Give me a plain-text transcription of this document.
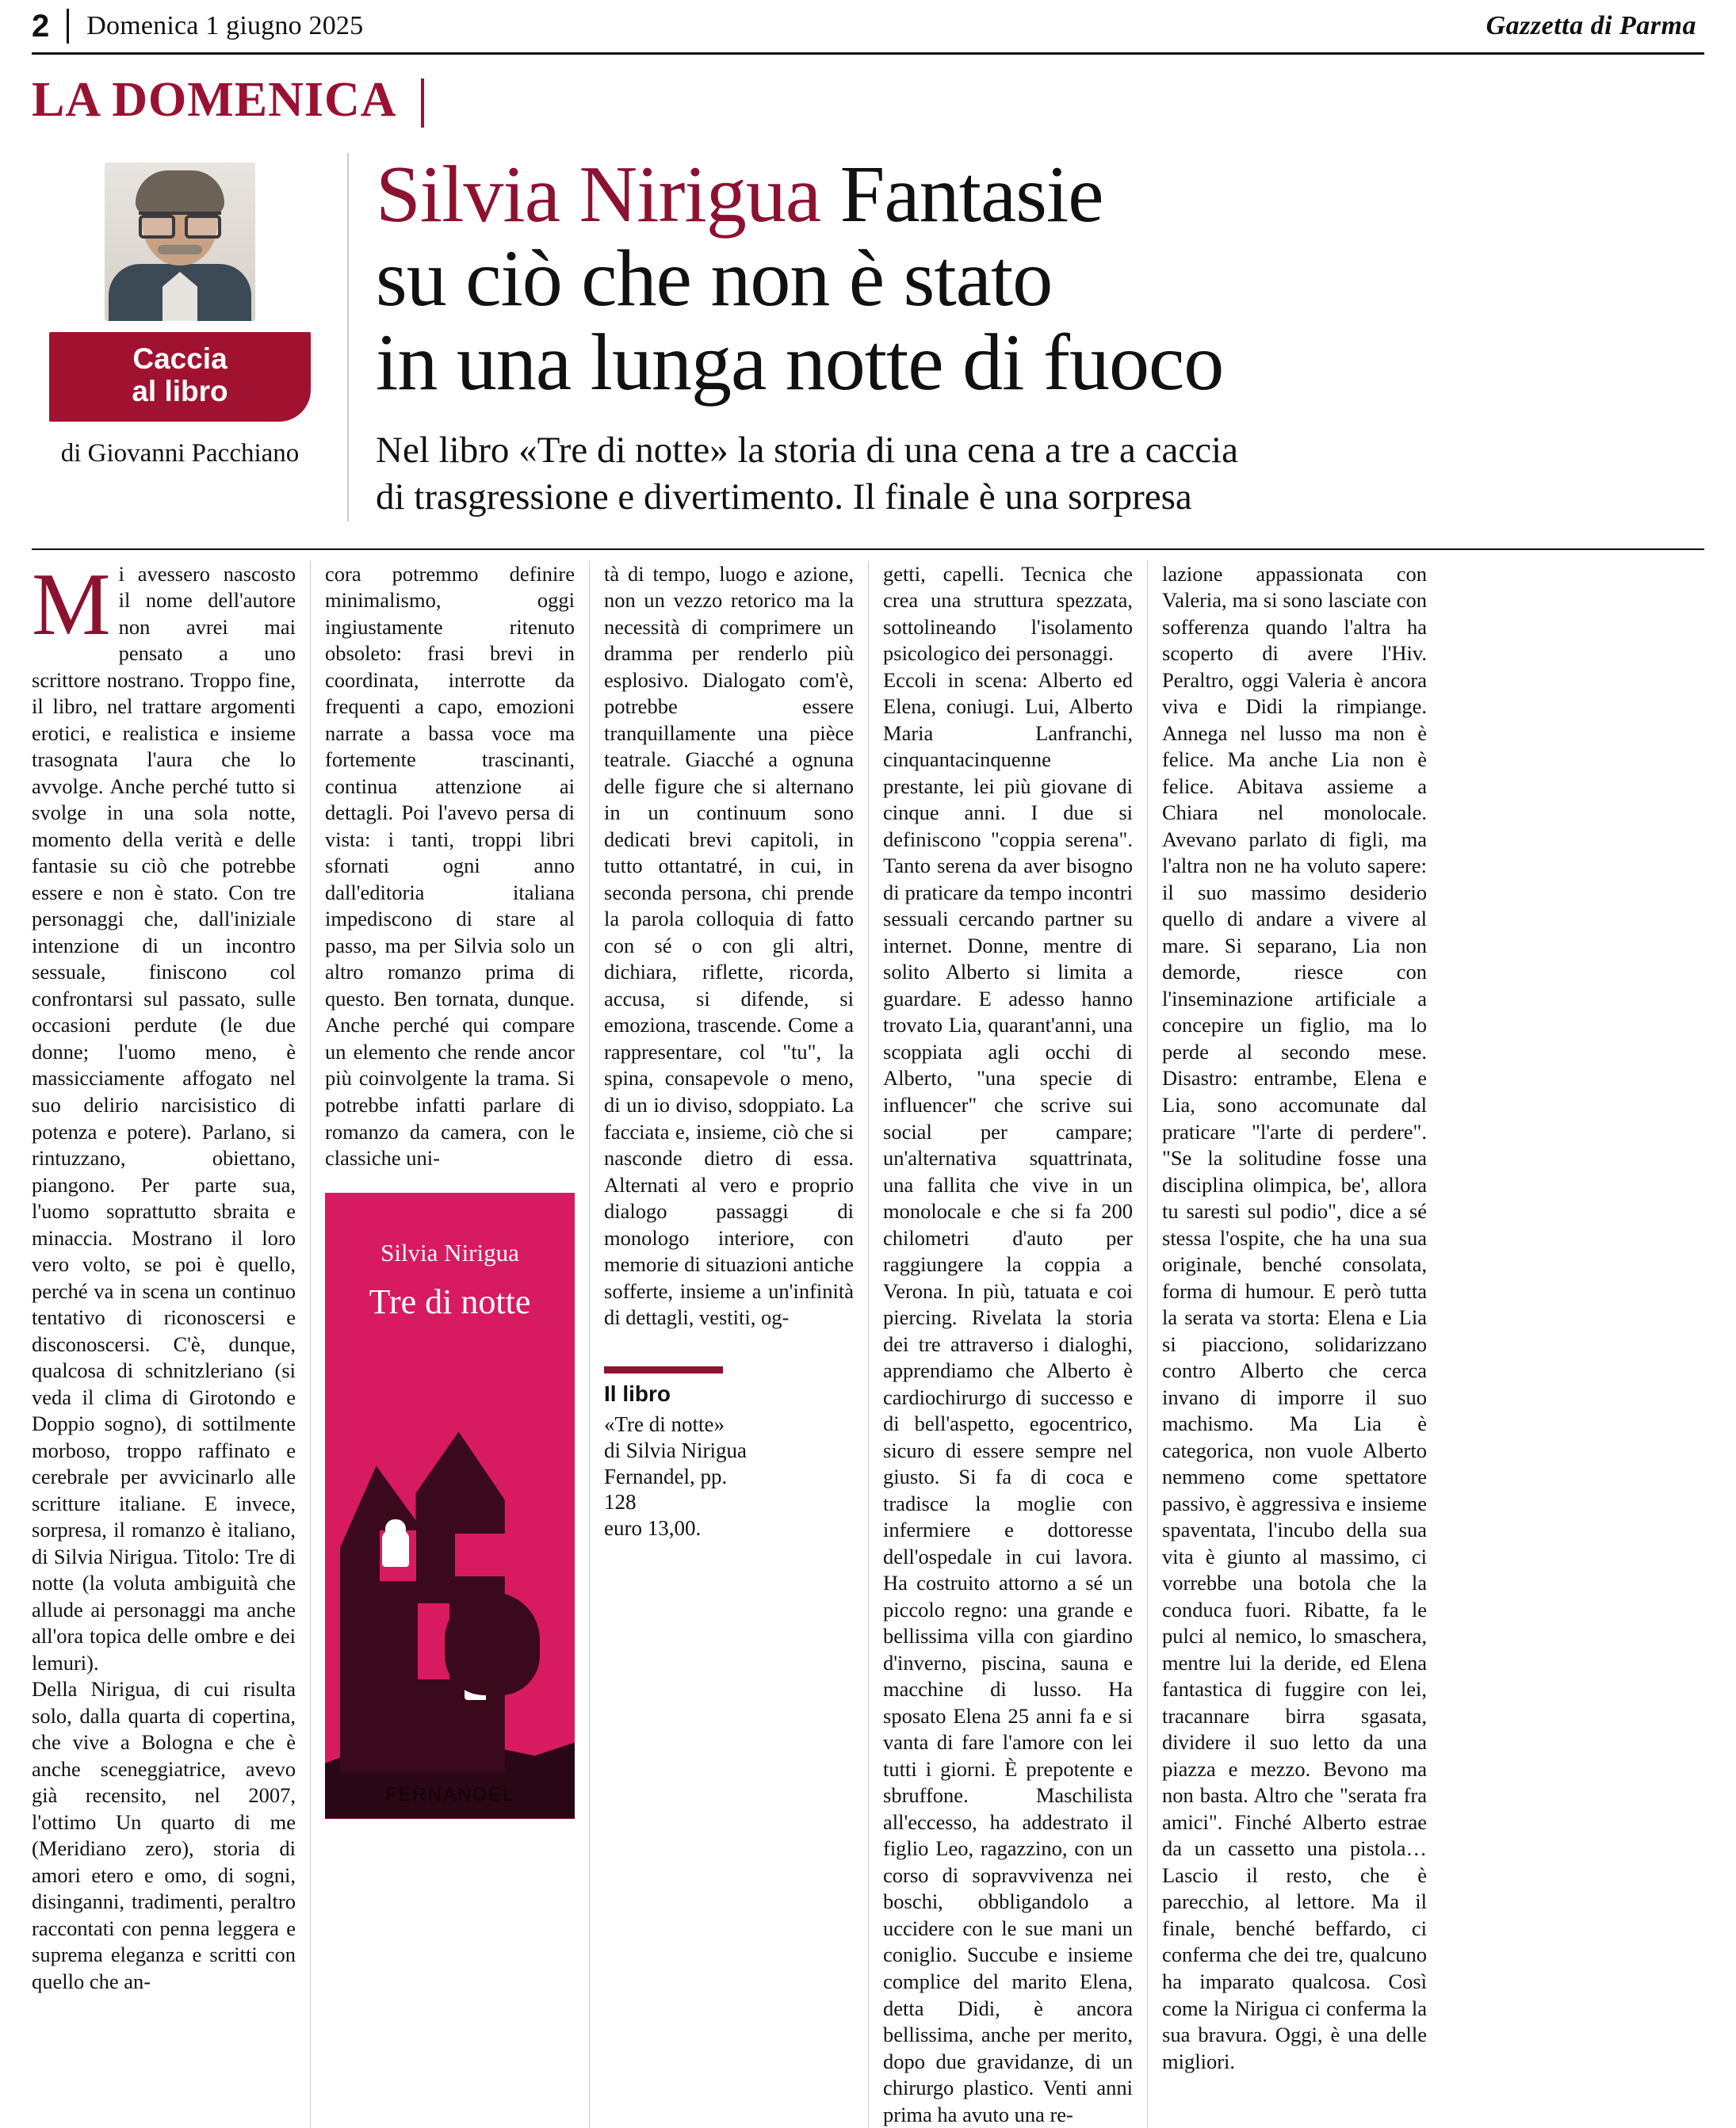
2	Domenica 1 giugno 2025	Gazzetta di Parma
LA DOMENICA
Caccia
al libro
di Giovanni Pacchiano
Silvia Nirigua Fantasie
su ciò che non è stato
in una lunga notte di fuoco
Nel libro «Tre di notte» la storia di una cena a tre a caccia
di trasgressione e divertimento. Il finale è una sorpresa

Mi avessero nascosto il nome dell'autore non avrei mai pensato a uno scrittore nostrano. Troppo fine, il libro, nel trattare argomenti erotici, e realistica e insieme trasognata l'aura che lo avvolge. Anche perché tutto si svolge in una sola notte, momento della verità e delle fantasie su ciò che potrebbe essere e non è stato. Con tre personaggi che, dall'iniziale intenzione di un incontro sessuale, finiscono col confrontarsi sul passato, sulle occasioni perdute (le due donne; l'uomo meno, è massicciamente affogato nel suo delirio narcisistico di potenza e potere). Parlano, si rintuzzano, obiettano, piangono. Per parte sua, l'uomo soprattutto sbraita e minaccia. Mostrano il loro vero volto, se poi è quello, perché va in scena un continuo tentativo di riconoscersi e disconoscersi. C'è, dunque, qualcosa di schnitzleriano (si veda il clima di Girotondo e Doppio sogno), di sottilmente morboso, troppo raffinato e cerebrale per avvicinarlo alle scritture italiane. E invece, sorpresa, il romanzo è italiano, di Silvia Nirigua. Titolo: Tre di notte (la voluta ambiguità che allude ai personaggi ma anche all'ora topica delle ombre e dei lemuri).

Della Nirigua, di cui risulta solo, dalla quarta di copertina, che vive a Bologna e che è anche sceneggiatrice, avevo già recensito, nel 2007, l'ottimo Un quarto di me (Meridiano zero), storia di amori etero e omo, di sogni, disinganni, tradimenti, peraltro raccontati con penna leggera e suprema eleganza e scritti con quello che an-

cora potremmo definire minimalismo, oggi ingiustamente ritenuto obsoleto: frasi brevi in coordinata, interrotte da frequenti a capo, emozioni narrate a bassa voce ma fortemente trascinanti, continua attenzione ai dettagli. Poi l'avevo persa di vista: i tanti, troppi libri sfornati ogni anno dall'editoria italiana impediscono di stare al passo, ma per Silvia solo un altro romanzo prima di questo. Ben tornata, dunque. Anche perché qui compare un elemento che rende ancor più coinvolgente la trama. Si potrebbe infatti parlare di romanzo da camera, con le classiche uni-

Silvia Nirigua
Tre di notte
FERNANDEL

tà di tempo, luogo e azione, non un vezzo retorico ma la necessità di comprimere un dramma per renderlo più esplosivo. Dialogato com'è, potrebbe essere tranquillamente una pièce teatrale. Giacché a ognuna delle figure che si alternano in un continuum sono dedicati brevi capitoli, in tutto ottantatré, in cui, in seconda persona, chi prende la parola colloquia di fatto con sé o con gli altri, dichiara, riflette, ricorda, accusa, si difende, si emoziona, trascende. Come a rappresentare, col "tu", la spina, consapevole o meno, di un io diviso, sdoppiato. La facciata e, insieme, ciò che si nasconde dietro di essa. Alternati al vero e proprio dialogo passaggi di monologo interiore, con memorie di situazioni antiche sofferte, insieme a un'infinità di dettagli, vestiti, og-

Il libro
«Tre di notte»
di Silvia Nirigua
Fernandel, pp.
128
euro 13,00.

getti, capelli. Tecnica che crea una struttura spezzata, sottolineando l'isolamento psicologico dei personaggi.

Eccoli in scena: Alberto ed Elena, coniugi. Lui, Alberto Maria Lanfranchi, cinquantacinquenne prestante, lei più giovane di cinque anni. I due si definiscono "coppia serena". Tanto serena da aver bisogno di praticare da tempo incontri sessuali cercando partner su internet. Donne, mentre di solito Alberto si limita a guardare. E adesso hanno trovato Lia, quarant'anni, una scoppiata agli occhi di Alberto, "una specie di influencer" che scrive sui social per campare; un'alternativa squattrinata, una fallita che vive in un monolocale e che si fa 200 chilometri d'auto per raggiungere la coppia a Verona. In più, tatuata e coi piercing. Rivelata la storia dei tre attraverso i dialoghi, apprendiamo che Alberto è cardiochirurgo di successo e di bell'aspetto, egocentrico, sicuro di essere sempre nel giusto. Si fa di coca e tradisce la moglie con infermiere e dottoresse dell'ospedale in cui lavora. Ha costruito attorno a sé un piccolo regno: una grande e bellissima villa con giardino d'inverno, piscina, sauna e macchine di lusso. Ha sposato Elena 25 anni fa e si vanta di fare l'amore con lei tutti i giorni. È prepotente e sbruffone. Maschilista all'eccesso, ha addestrato il figlio Leo, ragazzino, con un corso di sopravvivenza nei boschi, obbligandolo a uccidere con le sue mani un coniglio. Succube e insieme complice del marito Elena, detta Didi, è ancora bellissima, anche per merito, dopo due gravidanze, di un chirurgo plastico. Venti anni prima ha avuto una re-

lazione appassionata con Valeria, ma si sono lasciate con sofferenza quando l'altra ha scoperto di avere l'Hiv. Peraltro, oggi Valeria è ancora viva e Didi la rimpiange. Annega nel lusso ma non è felice. Ma anche Lia non è felice. Abitava assieme a Chiara nel monolocale. Avevano parlato di figli, ma l'altra non ne ha voluto sapere: il suo massimo desiderio quello di andare a vivere al mare. Si separano, Lia non demorde, riesce con l'inseminazione artificiale a concepire un figlio, ma lo perde al secondo mese. Disastro: entrambe, Elena e Lia, sono accomunate dal praticare "l'arte di perdere". "Se la solitudine fosse una disciplina olimpica, be', allora tu saresti sul podio", dice a sé stessa l'ospite, che ha una sua originale, benché consolata, forma di humour. E però tutta la serata va storta: Elena e Lia si piacciono, solidarizzano contro Alberto che cerca invano di imporre il suo machismo. Ma Lia è categorica, non vuole Alberto nemmeno come spettatore passivo, è aggressiva e insieme spaventata, l'incubo della sua vita è giunto al massimo, ci vorrebbe una botola che la conduca fuori. Ribatte, fa le pulci al nemico, lo smaschera, mentre lui la deride, ed Elena fantastica di fuggire con lei, tracannare birra sgasata, dividere il suo letto da una piazza e mezzo. Bevono ma non basta. Altro che "serata fra amici". Finché Alberto estrae da un cassetto una pistola… Lascio il resto, che è parecchio, al lettore. Ma il finale, benché beffardo, ci conferma che dei tre, qualcuno ha imparato qualcosa. Così come la Nirigua ci conferma la sua bravura. Oggi, è una delle migliori.
